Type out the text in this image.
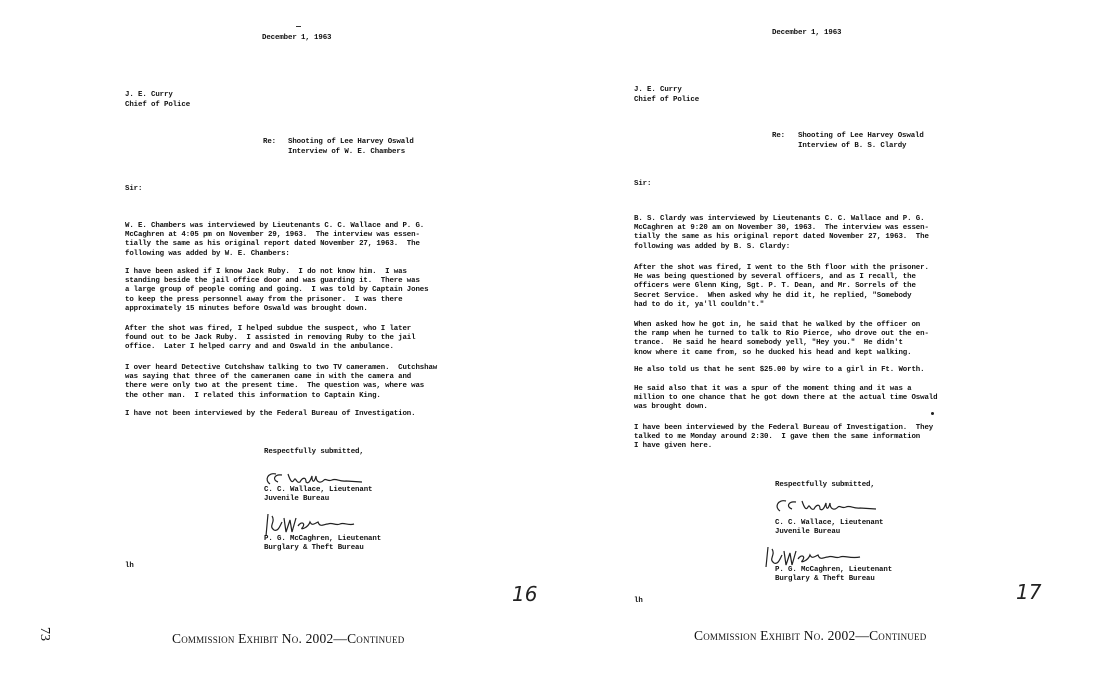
December 1, 1963
J. E. Curry
Chief of Police
Re: Shooting of Lee Harvey Oswald
Interview of W. E. Chambers
Sir:
W. E. Chambers was interviewed by Lieutenants C. C. Wallace and P. G.
McCaghren at 4:05 pm on November 29, 1963.  The interview was essen-
tially the same as his original report dated November 27, 1963.  The
following was added by W. E. Chambers:
I have been asked if I know Jack Ruby.  I do not know him.  I was
standing beside the jail office door and was guarding it.  There was
a large group of people coming and going.  I was told by Captain Jones
to keep the press personnel away from the prisoner.  I was there
approximately 15 minutes before Oswald was brought down.
After the shot was fired, I helped subdue the suspect, who I later
found out to be Jack Ruby.  I assisted in removing Ruby to the jail
office.  Later I helped carry and and Oswald in the ambulance.
I over heard Detective Cutchshaw talking to two TV cameramen.  Cutchshaw
was saying that three of the cameramen came in with the camera and
there were only two at the present time.  The question was, where was
the other man.  I related this information to Captain King.
I have not been interviewed by the Federal Bureau of Investigation.
Respectfully submitted,
C. C. Wallace, Lieutenant
Juvenile Bureau
P. G. McCaghren, Lieutenant
Burglary & Theft Bureau
lh
16
December 1, 1963
J. E. Curry
Chief of Police
Re: Shooting of Lee Harvey Oswald
Interview of B. S. Clardy
Sir:
B. S. Clardy was interviewed by Lieutenants C. C. Wallace and P. G.
McCaghren at 9:20 am on November 30, 1963.  The interview was essen-
tially the same as his original report dated November 27, 1963.  The
following was added by B. S. Clardy:
After the shot was fired, I went to the 5th floor with the prisoner.
He was being questioned by several officers, and as I recall, the
officers were Glenn King, Sgt. P. T. Dean, and Mr. Sorrels of the
Secret Service.  When asked why he did it, he replied, "Somebody
had to do it, ya'll couldn't."
When asked how he got in, he said that he walked by the officer on
the ramp when he turned to talk to Rio Pierce, who drove out the en-
trance.  He said he heard somebody yell, "Hey you."  He didn't
know where it came from, so he ducked his head and kept walking.
He also told us that he sent $25.00 by wire to a girl in Ft. Worth.
He said also that it was a spur of the moment thing and it was a
million to one chance that he got down there at the actual time Oswald
was brought down.
I have been interviewed by the Federal Bureau of Investigation.  They
talked to me Monday around 2:30.  I gave them the same information
I have given here.
Respectfully submitted,
C. C. Wallace, Lieutenant
Juvenile Bureau
P. G. McCaghren, Lieutenant
Burglary & Theft Bureau
lh	17
73	Commission Exhibit No. 2002—Continued	Commission Exhibit No. 2002—Continued
